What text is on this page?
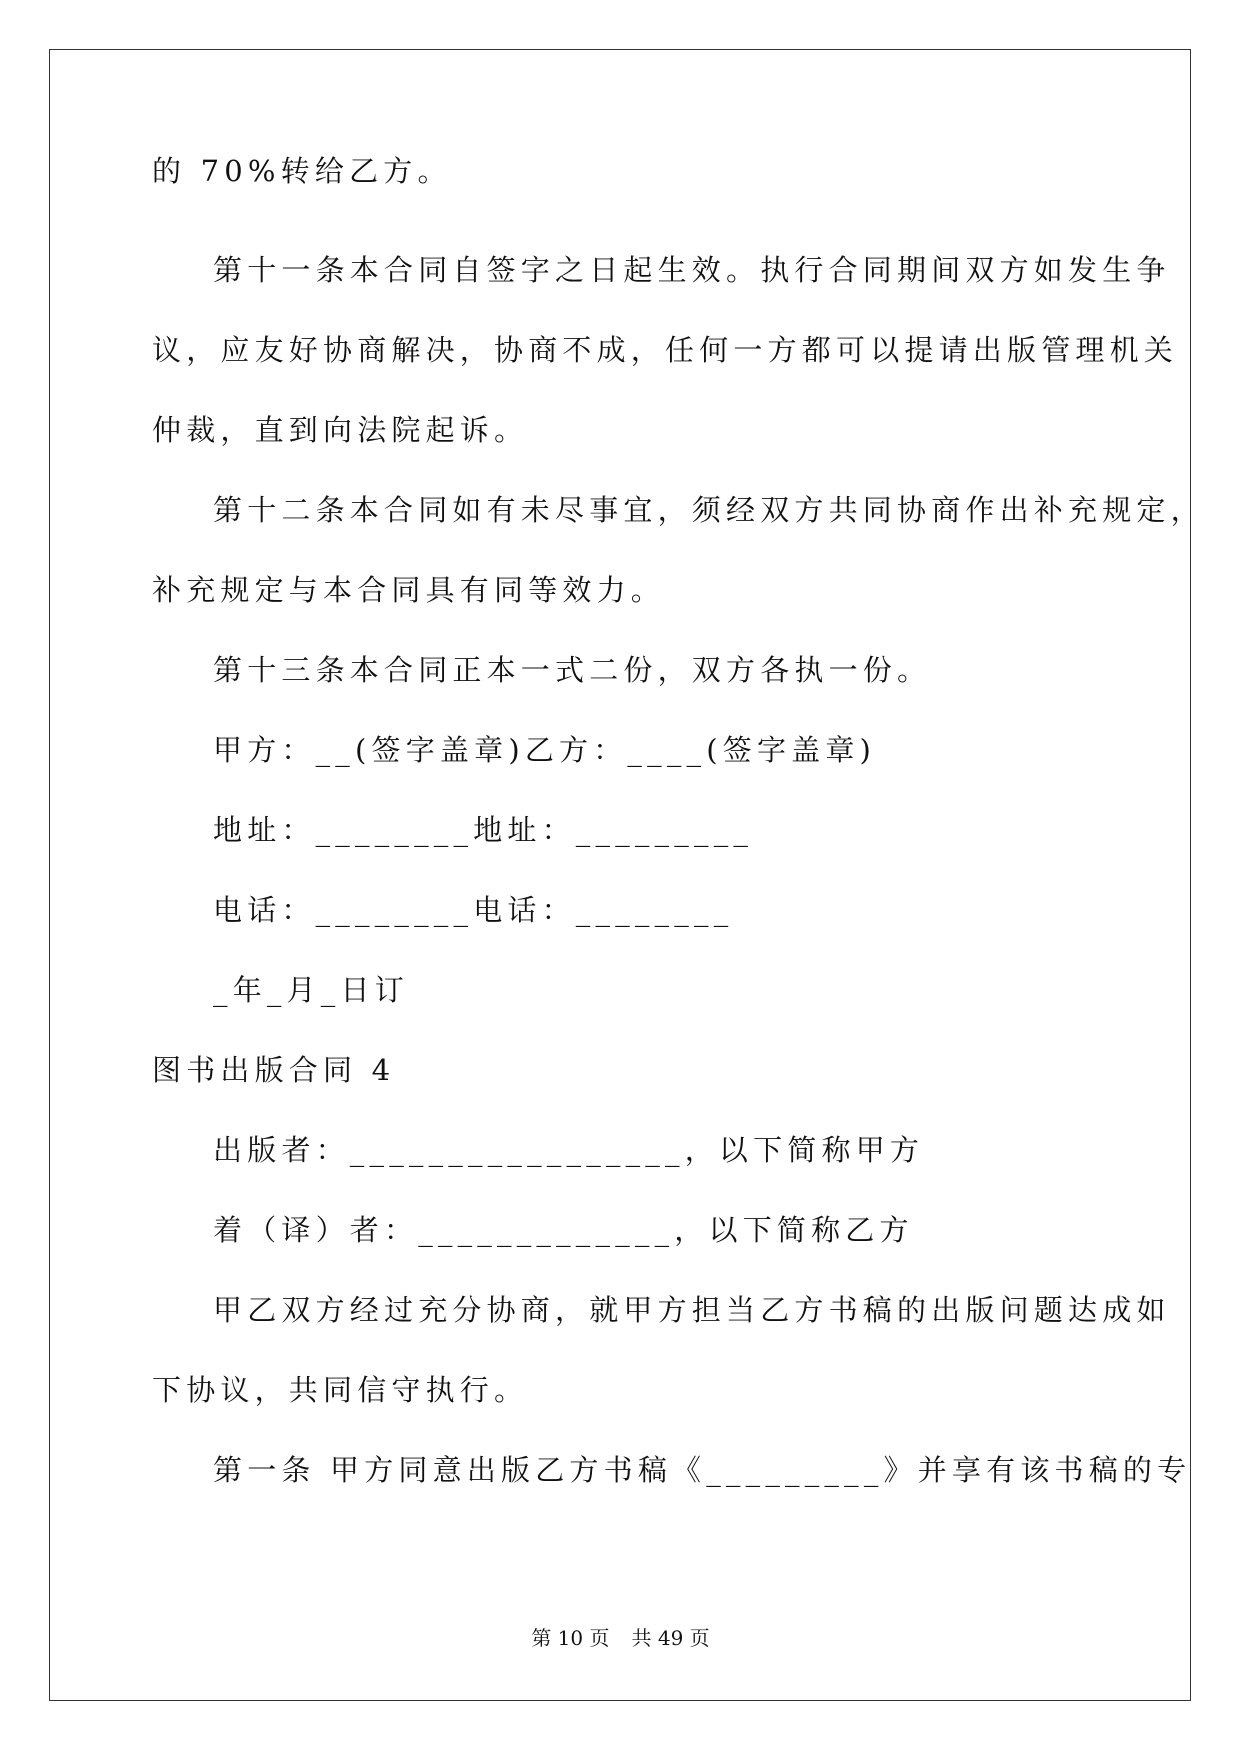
的 70%转给乙方。
第十一条本合同自签字之日起生效。执行合同期间双方如发生争
议，应友好协商解决，协商不成，任何一方都可以提请出版管理机关
仲裁，直到向法院起诉。
第十二条本合同如有未尽事宜，须经双方共同协商作出补充规定，
补充规定与本合同具有同等效力。
第十三条本合同正本一式二份，双方各执一份。
甲方：__(签字盖章)乙方：____(签字盖章)
地址：________地址：_________
电话：________电话：________
_年_月_日订
图书出版合同 4
出版者：_________________，以下简称甲方
着（译）者：_____________，以下简称乙方
甲乙双方经过充分协商，就甲方担当乙方书稿的出版问题达成如
下协议，共同信守执行。
第一条 甲方同意出版乙方书稿《_________》并享有该书稿的专
第 10 页 共 49 页
